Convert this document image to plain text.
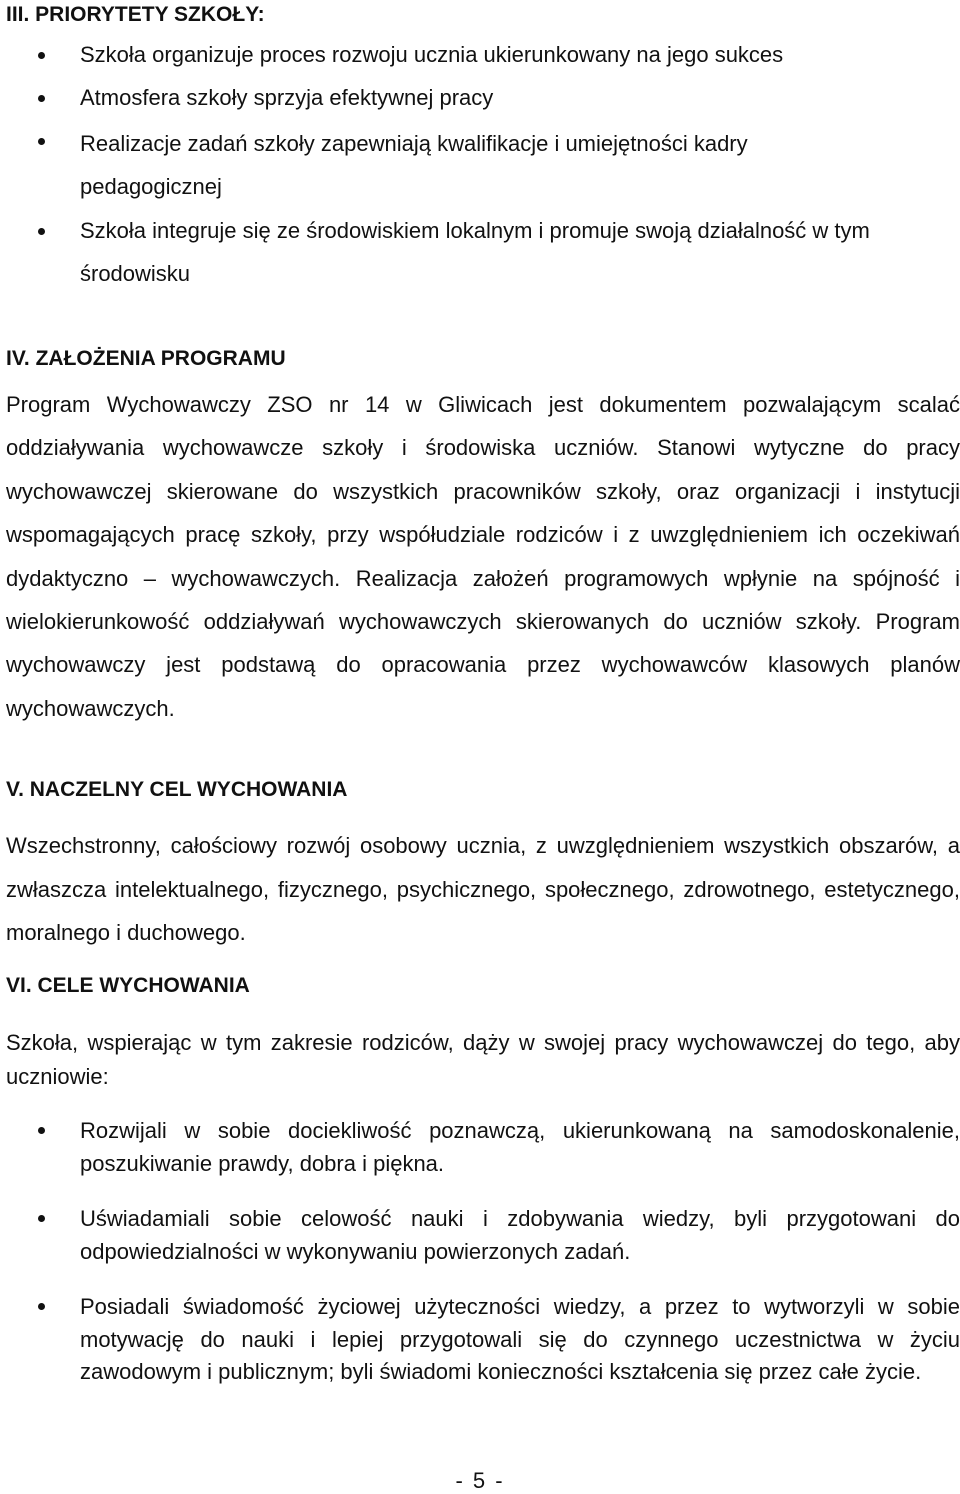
III. PRIORYTETY SZKOŁY:
Szkoła organizuje proces rozwoju ucznia ukierunkowany na jego sukces
Atmosfera szkoły sprzyja efektywnej pracy
Realizacje zadań szkoły zapewniają kwalifikacje i umiejętności kadry pedagogicznej
Szkoła integruje się ze środowiskiem lokalnym i promuje swoją działalność w tym środowisku
IV. ZAŁOŻENIA PROGRAMU
Program Wychowawczy ZSO nr 14 w Gliwicach jest dokumentem pozwalającym scalać oddziaływania wychowawcze szkoły i środowiska uczniów. Stanowi wytyczne do pracy wychowawczej skierowane do wszystkich pracowników szkoły, oraz organizacji i instytucji wspomagających pracę szkoły, przy współudziale rodziców i z uwzględnieniem ich oczekiwań dydaktyczno – wychowawczych. Realizacja założeń programowych wpłynie na spójność i wielokierunkowość oddziaływań wychowawczych skierowanych do uczniów szkoły. Program wychowawczy jest podstawą do opracowania przez wychowawców klasowych planów wychowawczych.
V. NACZELNY CEL WYCHOWANIA
Wszechstronny, całościowy rozwój osobowy ucznia, z uwzględnieniem wszystkich obszarów, a zwłaszcza intelektualnego, fizycznego, psychicznego, społecznego, zdrowotnego, estetycznego, moralnego i duchowego.
VI. CELE WYCHOWANIA
Szkoła, wspierając w tym zakresie rodziców, dąży w swojej pracy wychowawczej do tego, aby uczniowie:
Rozwijali w sobie dociekliwość poznawczą, ukierunkowaną na samodoskonalenie, poszukiwanie prawdy, dobra i piękna.
Uświadamiali sobie celowość nauki i zdobywania wiedzy, byli przygotowani do odpowiedzialności w wykonywaniu powierzonych zadań.
Posiadali świadomość życiowej użyteczności wiedzy, a przez to wytworzyli w sobie motywację do nauki i lepiej przygotowali się do czynnego uczestnictwa w życiu zawodowym i publicznym; byli świadomi konieczności kształcenia się przez całe życie.
- 5 -
